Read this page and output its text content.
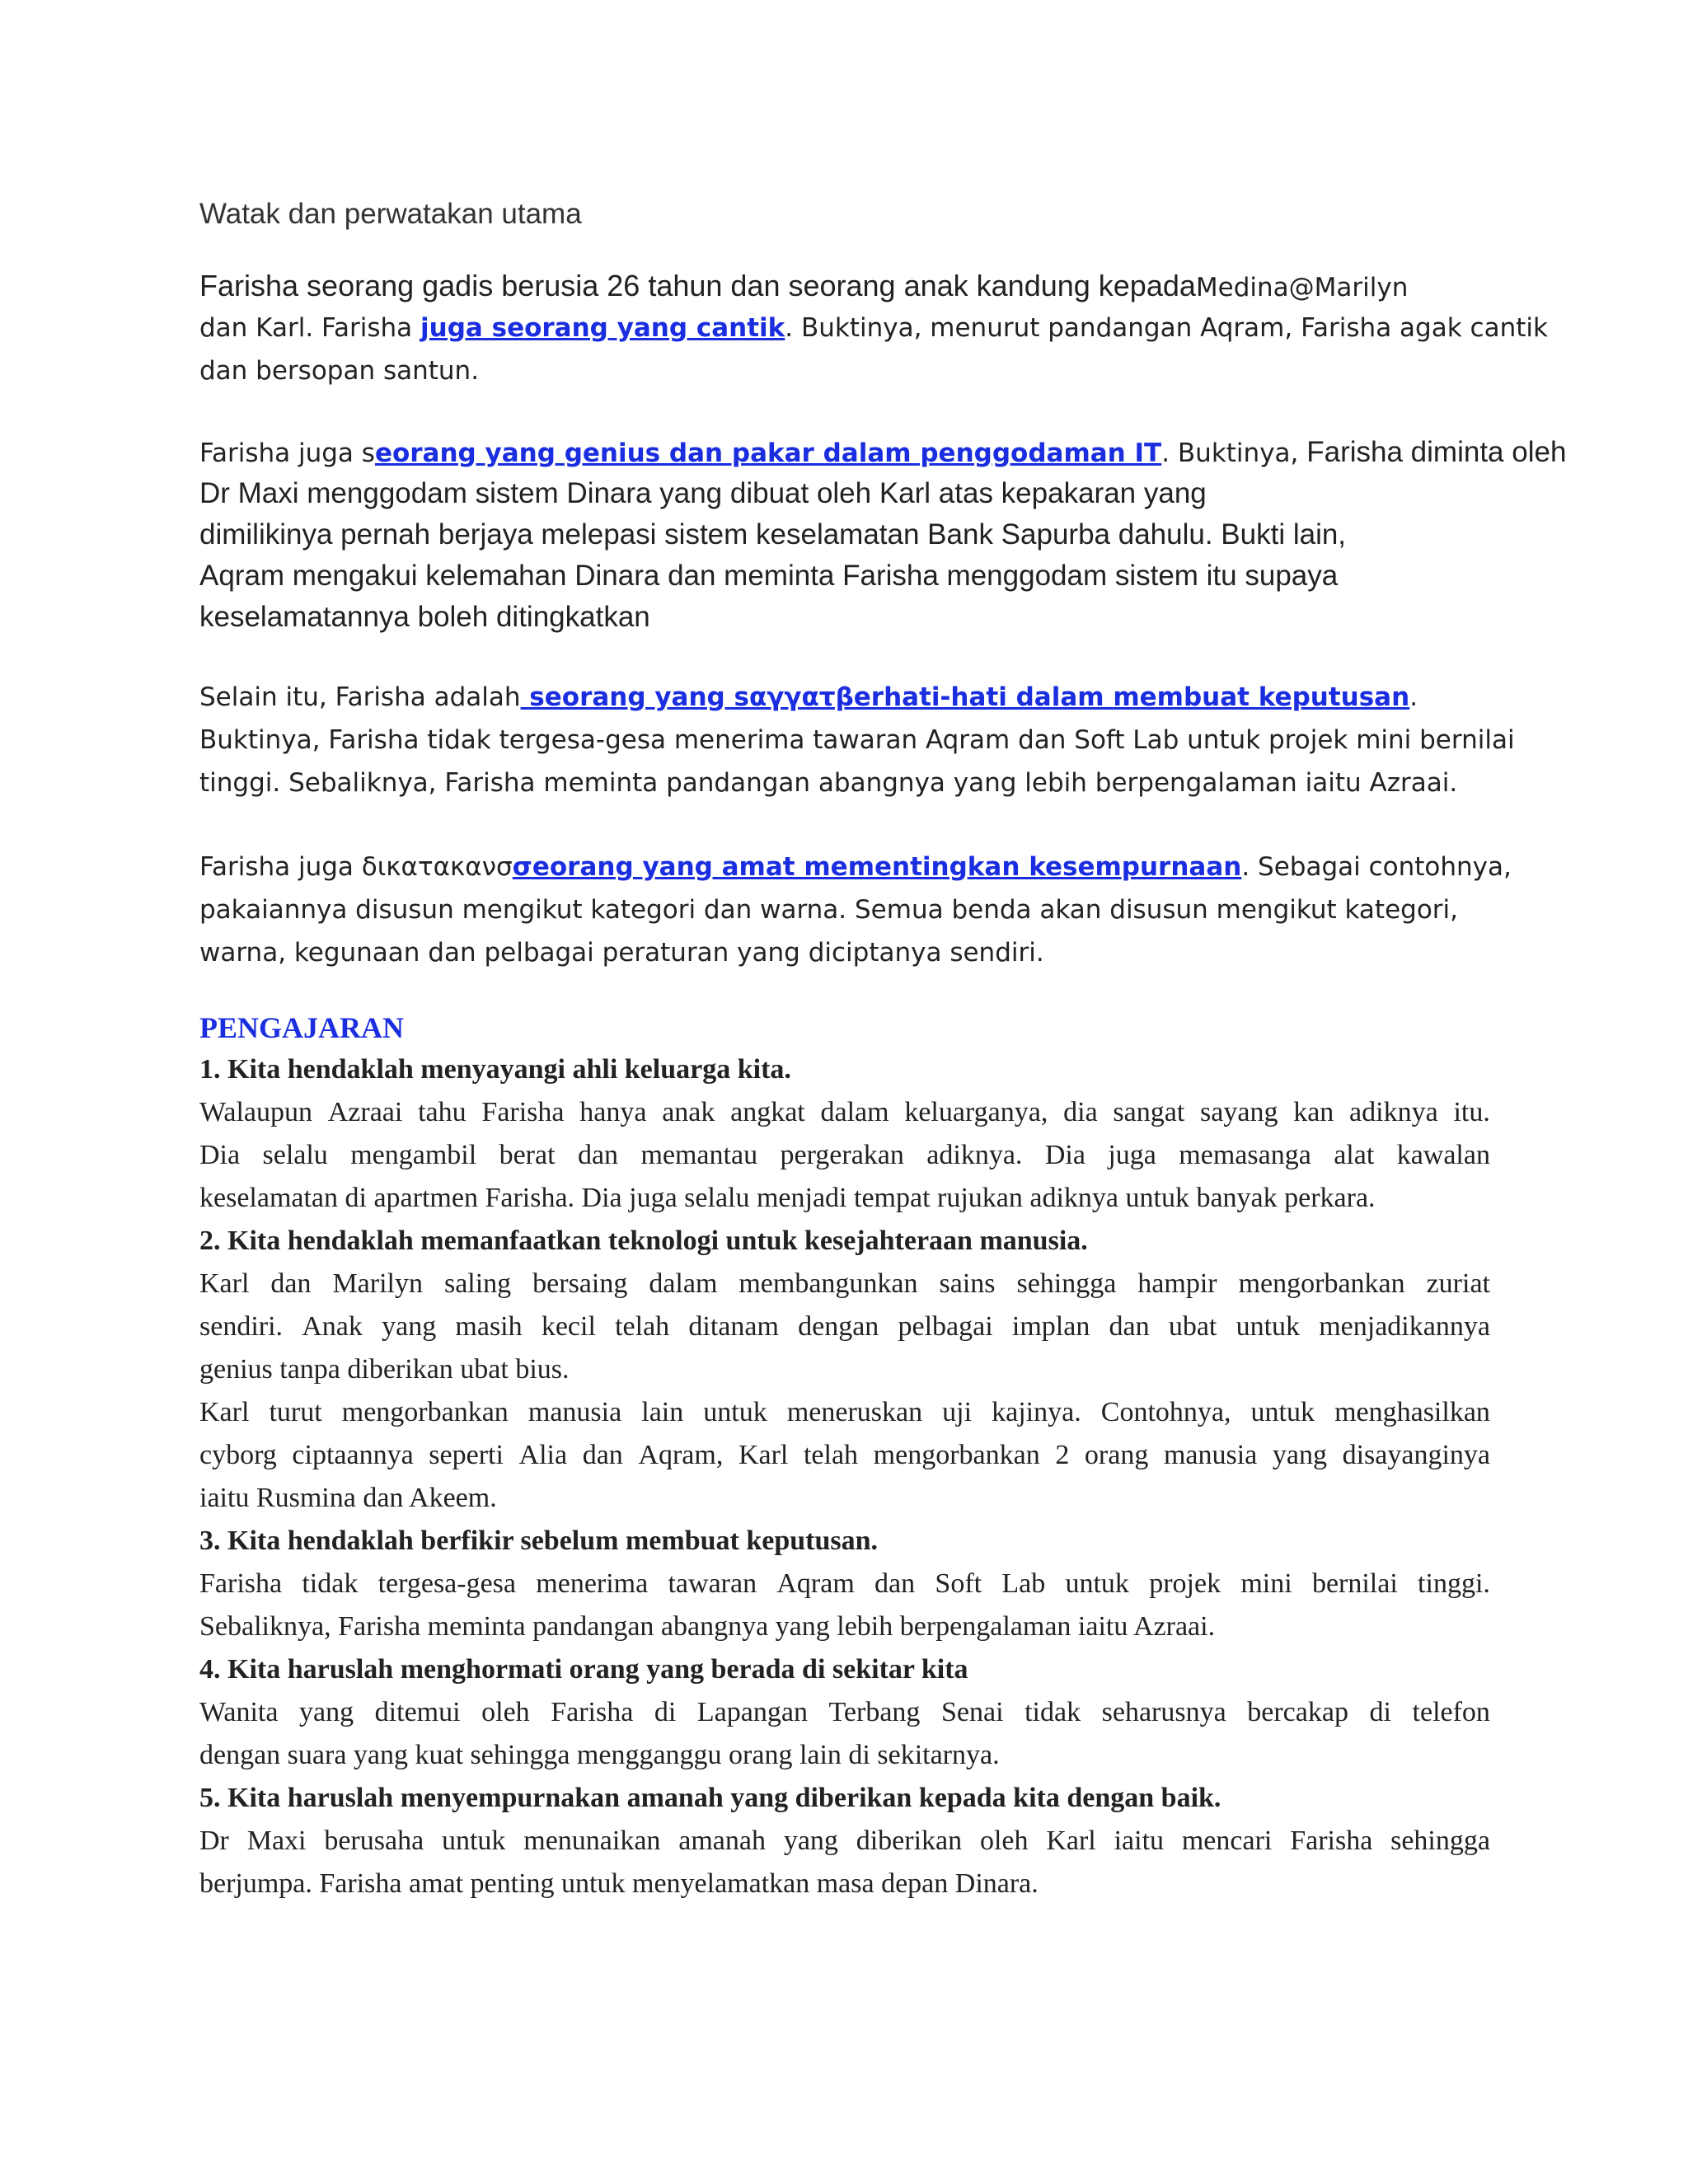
Watak dan perwatakan utama
Farisha seorang gadis berusia 26 tahun dan seorang anak kandung kepadaMedina@Marilyn
dan Karl. Farisha juga seorang yang cantik. Buktinya, menurut pandangan Aqram, Farisha agak cantik
dan bersopan santun.
Farisha juga seorang yang genius dan pakar dalam penggodaman IT. Buktinya, Farisha diminta oleh
Dr Maxi menggodam sistem Dinara yang dibuat oleh Karl atas kepakaran yang
dimilikinya pernah berjaya melepasi sistem keselamatan Bank Sapurba dahulu. Bukti lain,
Aqram mengakui kelemahan Dinara dan meminta Farisha menggodam sistem itu supaya
keselamatannya boleh ditingkatkan
Selain itu, Farisha adalah seorang yang sαγγατβerhati-hati dalam membuat keputusan.
Buktinya, Farisha tidak tergesa-gesa menerima tawaran Aqram dan Soft Lab untuk projek mini bernilai
tinggi. Sebaliknya, Farisha meminta pandangan abangnya yang lebih berpengalaman iaitu Azraai.
Farisha juga δικατακανσσeorang yang amat mementingkan kesempurnaan. Sebagai contohnya,
pakaiannya disusun mengikut kategori dan warna. Semua benda akan disusun mengikut kategori,
warna, kegunaan dan pelbagai peraturan yang diciptanya sendiri.
PENGAJARAN
1. Kita hendaklah menyayangi ahli keluarga kita.
Walaupun Azraai tahu Farisha hanya anak angkat dalam keluarganya, dia sangat sayang kan adiknya itu.
Dia selalu mengambil berat dan memantau pergerakan adiknya. Dia juga memasanga alat kawalan
keselamatan di apartmen Farisha. Dia juga selalu menjadi tempat rujukan adiknya untuk banyak perkara.
2. Kita hendaklah memanfaatkan teknologi untuk kesejahteraan manusia.
Karl dan Marilyn saling bersaing dalam membangunkan sains sehingga hampir mengorbankan zuriat
sendiri. Anak yang masih kecil telah ditanam dengan pelbagai implan dan ubat untuk menjadikannya
genius tanpa diberikan ubat bius.
Karl turut mengorbankan manusia lain untuk meneruskan uji kajinya. Contohnya, untuk menghasilkan
cyborg ciptaannya seperti Alia dan Aqram, Karl telah mengorbankan 2 orang manusia yang disayanginya
iaitu Rusmina dan Akeem.
3. Kita hendaklah berfikir sebelum membuat keputusan.
Farisha tidak tergesa-gesa menerima tawaran Aqram dan Soft Lab untuk projek mini bernilai tinggi.
Sebaliknya, Farisha meminta pandangan abangnya yang lebih berpengalaman iaitu Azraai.
4. Kita haruslah menghormati orang yang berada di sekitar kita
Wanita yang ditemui oleh Farisha di Lapangan Terbang Senai tidak seharusnya bercakap di telefon
dengan suara yang kuat sehingga mengganggu orang lain di sekitarnya.
5. Kita haruslah menyempurnakan amanah yang diberikan kepada kita dengan baik.
Dr Maxi berusaha untuk menunaikan amanah yang diberikan oleh Karl iaitu mencari Farisha sehingga
berjumpa. Farisha amat penting untuk menyelamatkan masa depan Dinara.
